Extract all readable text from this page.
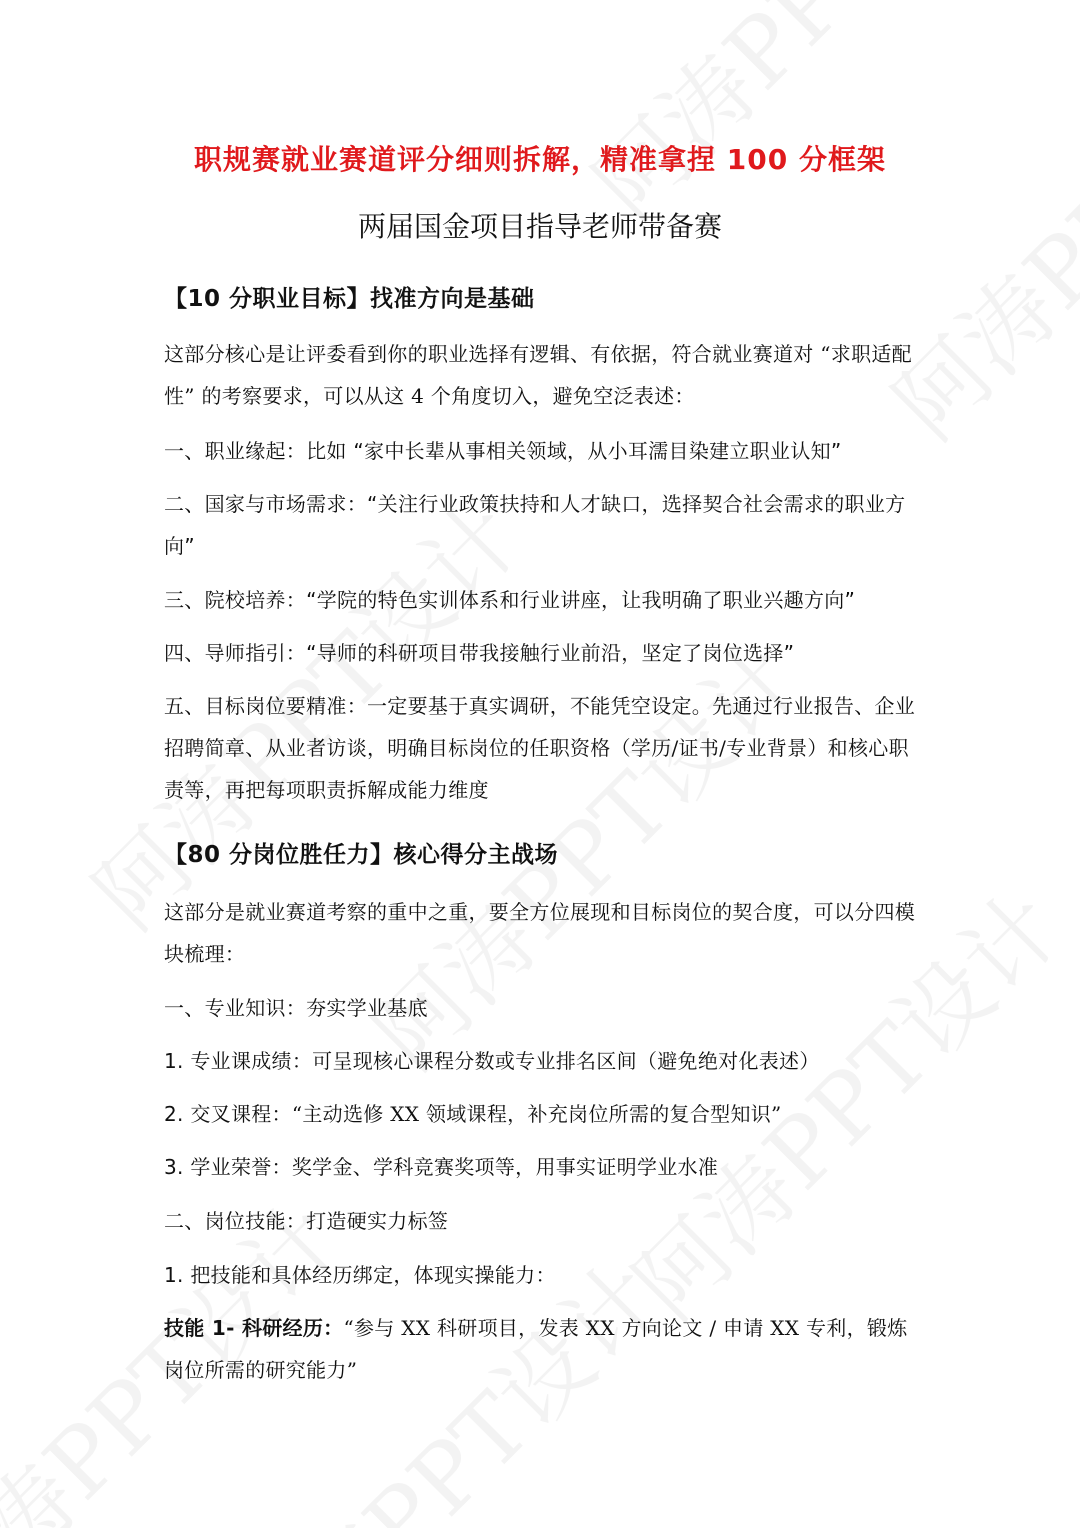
职规赛就业赛道评分细则拆解，精准拿捏 100 分框架
两届国金项目指导老师带备赛
【10 分职业目标】找准方向是基础
这部分核心是让评委看到你的职业选择有逻辑、有依据，符合就业赛道对 “求职适配性” 的考察要求，可以从这 4 个角度切入，避免空泛表述：
一、职业缘起：比如 “家中长辈从事相关领域，从小耳濡目染建立职业认知”
二、国家与市场需求：“关注行业政策扶持和人才缺口，选择契合社会需求的职业方向”
三、院校培养：“学院的特色实训体系和行业讲座，让我明确了职业兴趣方向”
四、导师指引：“导师的科研项目带我接触行业前沿，坚定了岗位选择”
五、目标岗位要精准：一定要基于真实调研，不能凭空设定。先通过行业报告、企业招聘简章、从业者访谈，明确目标岗位的任职资格（学历/证书/专业背景）和核心职责等，再把每项职责拆解成能力维度
【80 分岗位胜任力】核心得分主战场
这部分是就业赛道考察的重中之重，要全方位展现和目标岗位的契合度，可以分四模块梳理：
一、专业知识：夯实学业基底
1. 专业课成绩：可呈现核心课程分数或专业排名区间（避免绝对化表述）
2. 交叉课程：“主动选修 XX 领域课程，补充岗位所需的复合型知识”
3. 学业荣誉：奖学金、学科竞赛奖项等，用事实证明学业水准
二、岗位技能：打造硬实力标签
1. 把技能和具体经历绑定，体现实操能力：
技能 1- 科研经历：“参与 XX 科研项目，发表 XX 方向论文 / 申请 XX 专利，锻炼岗位所需的研究能力”
